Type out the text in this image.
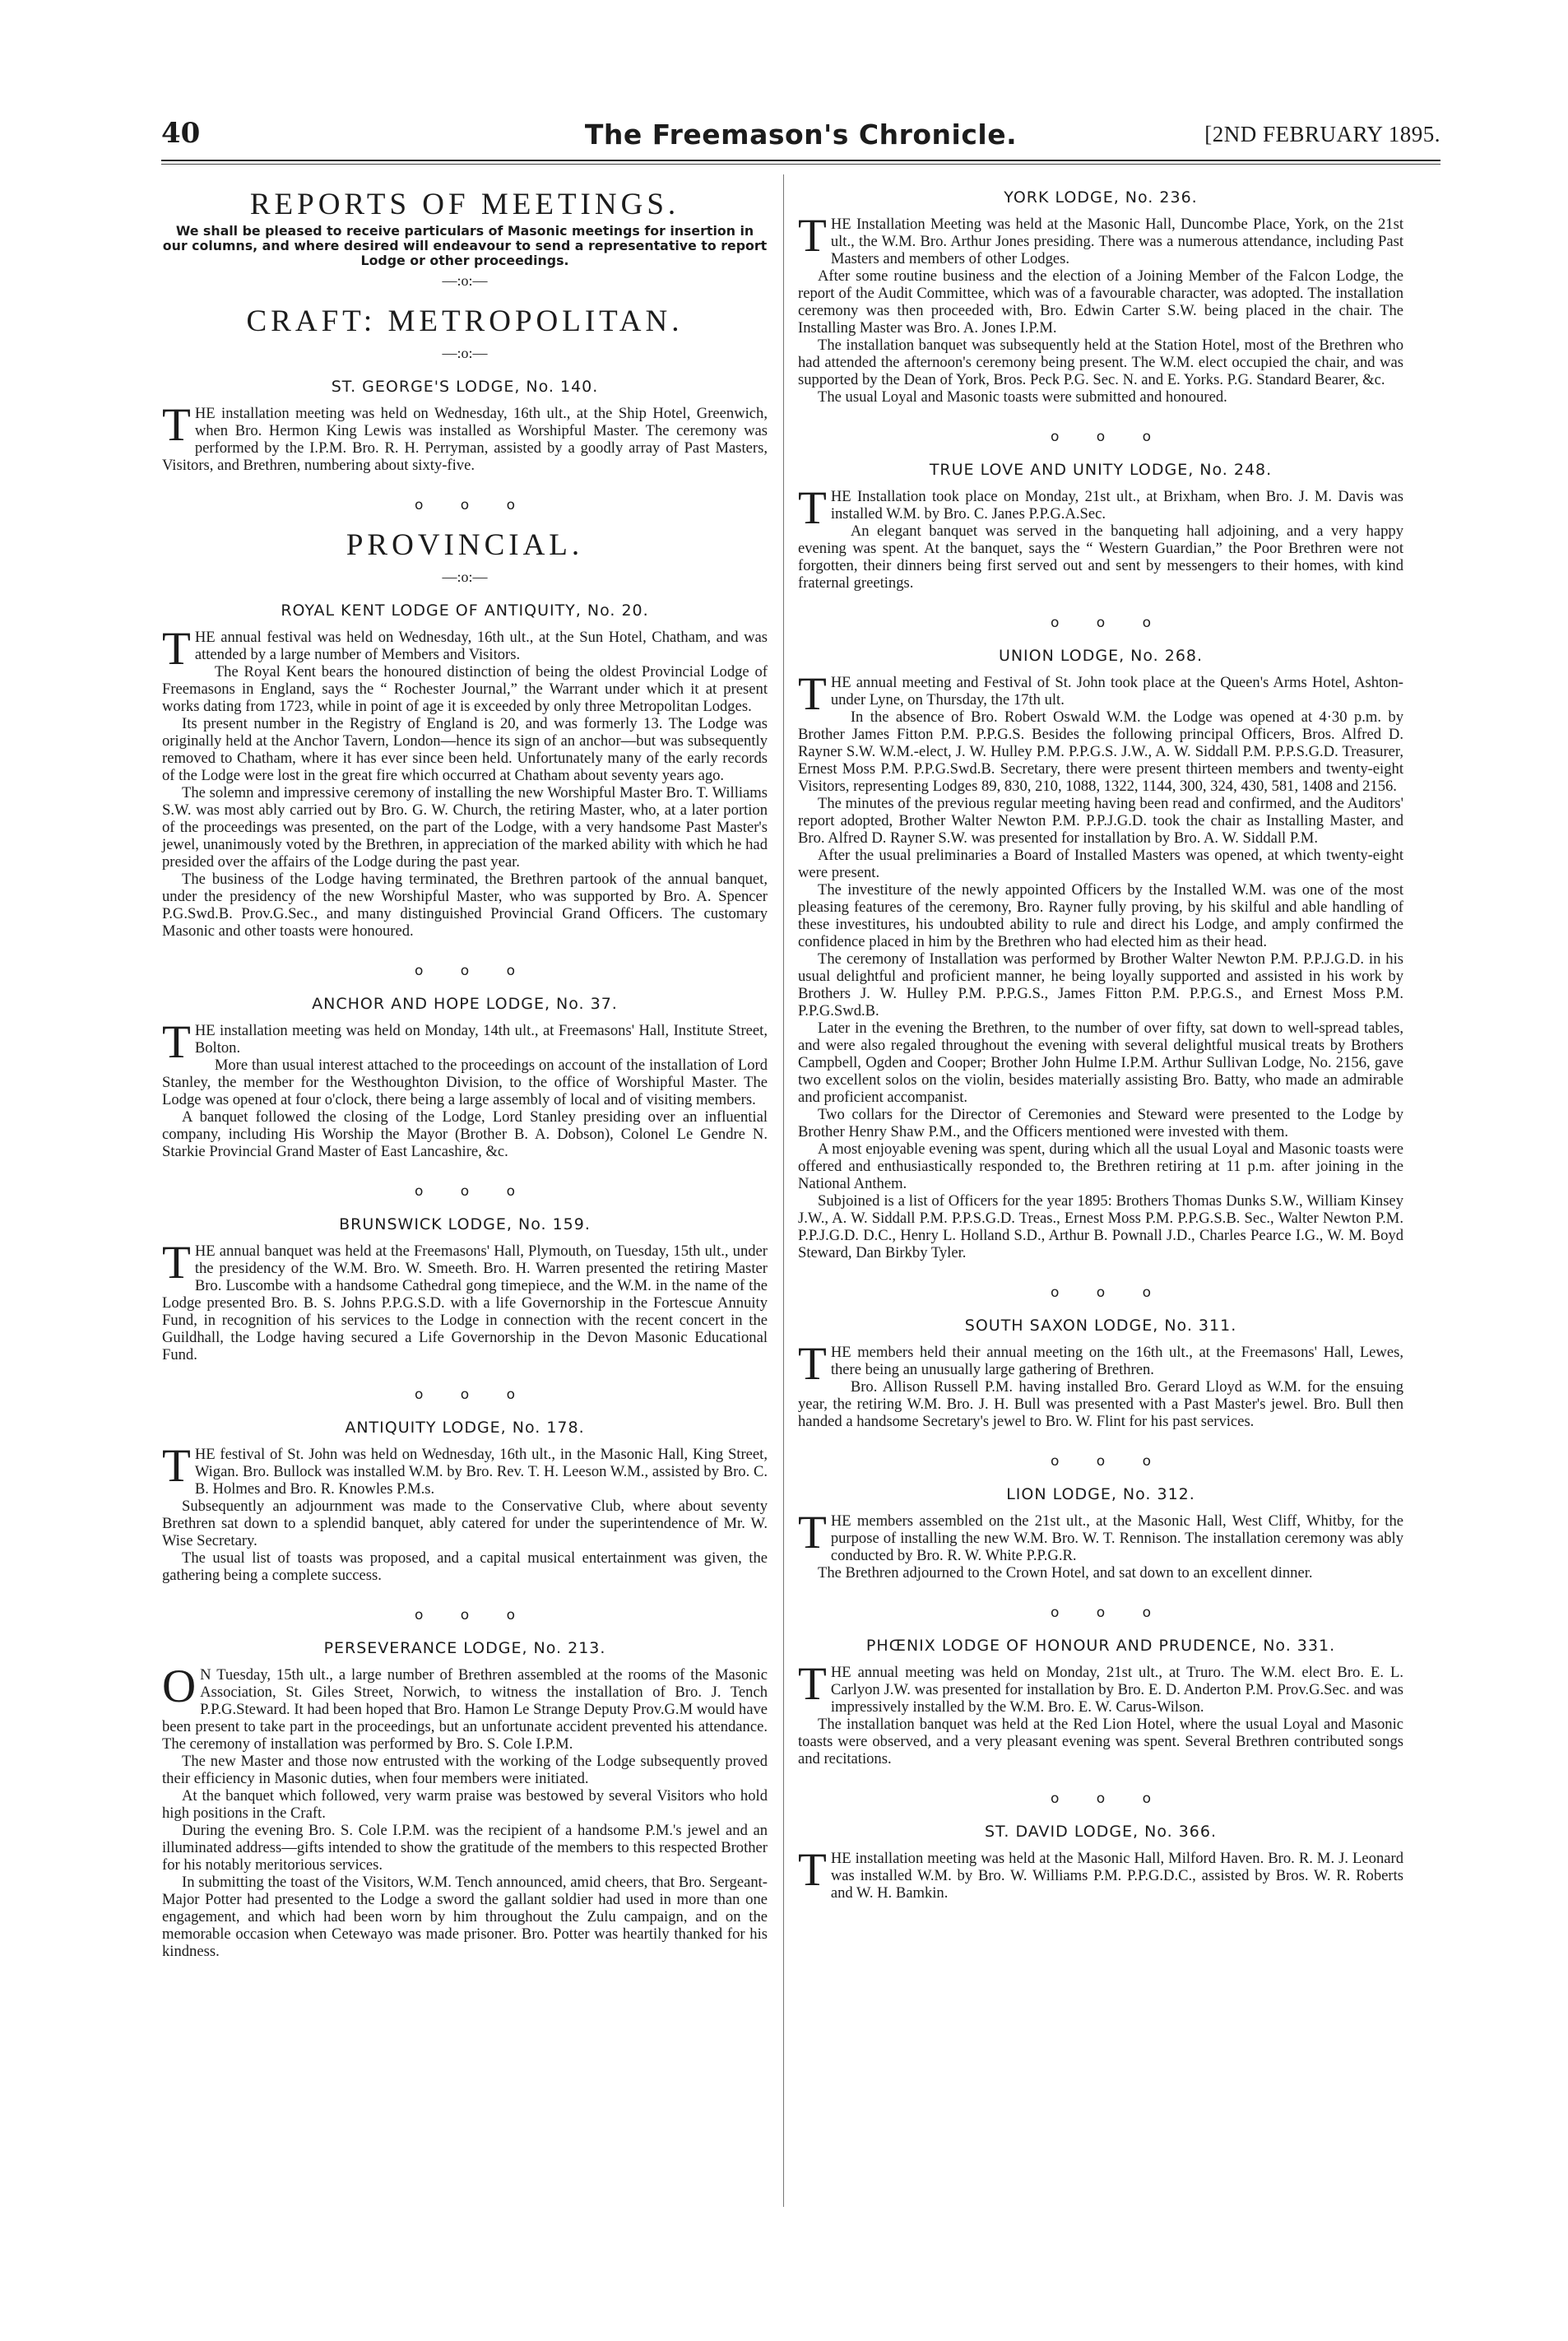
40	The Freemason's Chronicle.	[2ND FEBRUARY 1895.
REPORTS OF MEETINGS.

We shall be pleased to receive particulars of Masonic meetings for insertion in our columns, and where desired will endeavour to send a representative to report Lodge or other proceedings.

—:o:—

CRAFT: METROPOLITAN.

—:o:—

ST. GEORGE'S LODGE, No. 140.

THE installation meeting was held on Wednesday, 16th ult., at the Ship Hotel, Greenwich, when Bro. Hermon King Lewis was installed as Worshipful Master. The ceremony was performed by the I.P.M. Bro. R. H. Perryman, assisted by a goodly array of Past Masters, Visitors, and Brethren, numbering about sixty-five.

o o o
PROVINCIAL.

—:o:—

ROYAL KENT LODGE OF ANTIQUITY, No. 20.

THE annual festival was held on Wednesday, 16th ult., at the Sun Hotel, Chatham, and was attended by a large number of Members and Visitors.

The Royal Kent bears the honoured distinction of being the oldest Provincial Lodge of Freemasons in England, says the “ Rochester Journal,” the Warrant under which it at present works dating from 1723, while in point of age it is exceeded by only three Metropolitan Lodges.

Its present number in the Registry of England is 20, and was formerly 13. The Lodge was originally held at the Anchor Tavern, London—hence its sign of an anchor—but was subsequently removed to Chatham, where it has ever since been held. Unfortunately many of the early records of the Lodge were lost in the great fire which occurred at Chatham about seventy years ago.

The solemn and impressive ceremony of installing the new Worshipful Master Bro. T. Williams S.W. was most ably carried out by Bro. G. W. Church, the retiring Master, who, at a later portion of the proceedings was presented, on the part of the Lodge, with a very handsome Past Master's jewel, unanimously voted by the Brethren, in appreciation of the marked ability with which he had presided over the affairs of the Lodge during the past year.

The business of the Lodge having terminated, the Brethren partook of the annual banquet, under the presidency of the new Worshipful Master, who was supported by Bro. A. Spencer P.G.Swd.B. Prov.G.Sec., and many distinguished Provincial Grand Officers. The customary Masonic and other toasts were honoured.

o o o
ANCHOR AND HOPE LODGE, No. 37.

THE installation meeting was held on Monday, 14th ult., at Freemasons' Hall, Institute Street, Bolton.

More than usual interest attached to the proceedings on account of the installation of Lord Stanley, the member for the Westhoughton Division, to the office of Worshipful Master. The Lodge was opened at four o'clock, there being a large assembly of local and of visiting members.

A banquet followed the closing of the Lodge, Lord Stanley presiding over an influential company, including His Worship the Mayor (Brother B. A. Dobson), Colonel Le Gendre N. Starkie Provincial Grand Master of East Lancashire, &c.

o o o
BRUNSWICK LODGE, No. 159.

THE annual banquet was held at the Freemasons' Hall, Plymouth, on Tuesday, 15th ult., under the presidency of the W.M. Bro. W. Smeeth. Bro. H. Warren presented the retiring Master Bro. Luscombe with a handsome Cathedral gong timepiece, and the W.M. in the name of the Lodge presented Bro. B. S. Johns P.P.G.S.D. with a life Governorship in the Fortescue Annuity Fund, in recognition of his services to the Lodge in connection with the recent concert in the Guildhall, the Lodge having secured a Life Governorship in the Devon Masonic Educational Fund.

o o o
ANTIQUITY LODGE, No. 178.

THE festival of St. John was held on Wednesday, 16th ult., in the Masonic Hall, King Street, Wigan. Bro. Bullock was installed W.M. by Bro. Rev. T. H. Leeson W.M., assisted by Bro. C. B. Holmes and Bro. R. Knowles P.M.s.

Subsequently an adjournment was made to the Conservative Club, where about seventy Brethren sat down to a splendid banquet, ably catered for under the superintendence of Mr. W. Wise Secretary.

The usual list of toasts was proposed, and a capital musical entertainment was given, the gathering being a complete success.

o o o
PERSEVERANCE LODGE, No. 213.

ON Tuesday, 15th ult., a large number of Brethren assembled at the rooms of the Masonic Association, St. Giles Street, Norwich, to witness the installation of Bro. J. Tench P.P.G.Steward. It had been hoped that Bro. Hamon Le Strange Deputy Prov.G.M would have been present to take part in the proceedings, but an unfortunate accident prevented his attendance. The ceremony of installation was performed by Bro. S. Cole I.P.M.

The new Master and those now entrusted with the working of the Lodge subsequently proved their efficiency in Masonic duties, when four members were initiated.

At the banquet which followed, very warm praise was bestowed by several Visitors who hold high positions in the Craft.

During the evening Bro. S. Cole I.P.M. was the recipient of a handsome P.M.'s jewel and an illuminated address—gifts intended to show the gratitude of the members to this respected Brother for his notably meritorious services.

In submitting the toast of the Visitors, W.M. Tench announced, amid cheers, that Bro. Sergeant-Major Potter had presented to the Lodge a sword the gallant soldier had used in more than one engagement, and which had been worn by him throughout the Zulu campaign, and on the memorable occasion when Cetewayo was made prisoner. Bro. Potter was heartily thanked for his kindness.

YORK LODGE, No. 236.

THE Installation Meeting was held at the Masonic Hall, Duncombe Place, York, on the 21st ult., the W.M. Bro. Arthur Jones presiding. There was a numerous attendance, including Past Masters and members of other Lodges.

After some routine business and the election of a Joining Member of the Falcon Lodge, the report of the Audit Committee, which was of a favourable character, was adopted. The installation ceremony was then proceeded with, Bro. Edwin Carter S.W. being placed in the chair. The Installing Master was Bro. A. Jones I.P.M.

The installation banquet was subsequently held at the Station Hotel, most of the Brethren who had attended the afternoon's ceremony being present. The W.M. elect occupied the chair, and was supported by the Dean of York, Bros. Peck P.G. Sec. N. and E. Yorks. P.G. Standard Bearer, &c.

The usual Loyal and Masonic toasts were submitted and honoured.

o o o
TRUE LOVE AND UNITY LODGE, No. 248.

THE Installation took place on Monday, 21st ult., at Brixham, when Bro. J. M. Davis was installed W.M. by Bro. C. Janes P.P.G.A.Sec.

An elegant banquet was served in the banqueting hall adjoining, and a very happy evening was spent. At the banquet, says the “ Western Guardian,” the Poor Brethren were not forgotten, their dinners being first served out and sent by messengers to their homes, with kind fraternal greetings.

o o o
UNION LODGE, No. 268.

THE annual meeting and Festival of St. John took place at the Queen's Arms Hotel, Ashton-under Lyne, on Thursday, the 17th ult.

In the absence of Bro. Robert Oswald W.M. the Lodge was opened at 4·30 p.m. by Brother James Fitton P.M. P.P.G.S. Besides the following principal Officers, Bros. Alfred D. Rayner S.W. W.M.-elect, J. W. Hulley P.M. P.P.G.S. J.W., A. W. Siddall P.M. P.P.S.G.D. Treasurer, Ernest Moss P.M. P.P.G.Swd.B. Secretary, there were present thirteen members and twenty-eight Visitors, representing Lodges 89, 830, 210, 1088, 1322, 1144, 300, 324, 430, 581, 1408 and 2156.

The minutes of the previous regular meeting having been read and confirmed, and the Auditors' report adopted, Brother Walter Newton P.M. P.P.J.G.D. took the chair as Installing Master, and Bro. Alfred D. Rayner S.W. was presented for installation by Bro. A. W. Siddall P.M.

After the usual preliminaries a Board of Installed Masters was opened, at which twenty-eight were present.

The investiture of the newly appointed Officers by the Installed W.M. was one of the most pleasing features of the ceremony, Bro. Rayner fully proving, by his skilful and able handling of these investitures, his undoubted ability to rule and direct his Lodge, and amply confirmed the confidence placed in him by the Brethren who had elected him as their head.

The ceremony of Installation was performed by Brother Walter Newton P.M. P.P.J.G.D. in his usual delightful and proficient manner, he being loyally supported and assisted in his work by Brothers J. W. Hulley P.M. P.P.G.S., James Fitton P.M. P.P.G.S., and Ernest Moss P.M. P.P.G.Swd.B.

Later in the evening the Brethren, to the number of over fifty, sat down to well-spread tables, and were also regaled throughout the evening with several delightful musical treats by Brothers Campbell, Ogden and Cooper; Brother John Hulme I.P.M. Arthur Sullivan Lodge, No. 2156, gave two excellent solos on the violin, besides materially assisting Bro. Batty, who made an admirable and proficient accompanist.

Two collars for the Director of Ceremonies and Steward were presented to the Lodge by Brother Henry Shaw P.M., and the Officers mentioned were invested with them.

A most enjoyable evening was spent, during which all the usual Loyal and Masonic toasts were offered and enthusiastically responded to, the Brethren retiring at 11 p.m. after joining in the National Anthem.

Subjoined is a list of Officers for the year 1895: Brothers Thomas Dunks S.W., William Kinsey J.W., A. W. Siddall P.M. P.P.S.G.D. Treas., Ernest Moss P.M. P.P.G.S.B. Sec., Walter Newton P.M. P.P.J.G.D. D.C., Henry L. Holland S.D., Arthur B. Pownall J.D., Charles Pearce I.G., W. M. Boyd Steward, Dan Birkby Tyler.

o o o
SOUTH SAXON LODGE, No. 311.

THE members held their annual meeting on the 16th ult., at the Freemasons' Hall, Lewes, there being an unusually large gathering of Brethren.

Bro. Allison Russell P.M. having installed Bro. Gerard Lloyd as W.M. for the ensuing year, the retiring W.M. Bro. J. H. Bull was presented with a Past Master's jewel. Bro. Bull then handed a handsome Secretary's jewel to Bro. W. Flint for his past services.

o o o
LION LODGE, No. 312.

THE members assembled on the 21st ult., at the Masonic Hall, West Cliff, Whitby, for the purpose of installing the new W.M. Bro. W. T. Rennison. The installation ceremony was ably conducted by Bro. R. W. White P.P.G.R.

The Brethren adjourned to the Crown Hotel, and sat down to an excellent dinner.

o o o
PHŒNIX LODGE OF HONOUR AND PRUDENCE, No. 331.

THE annual meeting was held on Monday, 21st ult., at Truro. The W.M. elect Bro. E. L. Carlyon J.W. was presented for installation by Bro. E. D. Anderton P.M. Prov.G.Sec. and was impressively installed by the W.M. Bro. E. W. Carus-Wilson.

The installation banquet was held at the Red Lion Hotel, where the usual Loyal and Masonic toasts were observed, and a very pleasant evening was spent. Several Brethren contributed songs and recitations.

o o o
ST. DAVID LODGE, No. 366.

THE installation meeting was held at the Masonic Hall, Milford Haven. Bro. R. M. J. Leonard was installed W.M. by Bro. W. Williams P.M. P.P.G.D.C., assisted by Bros. W. R. Roberts and W. H. Bamkin.
